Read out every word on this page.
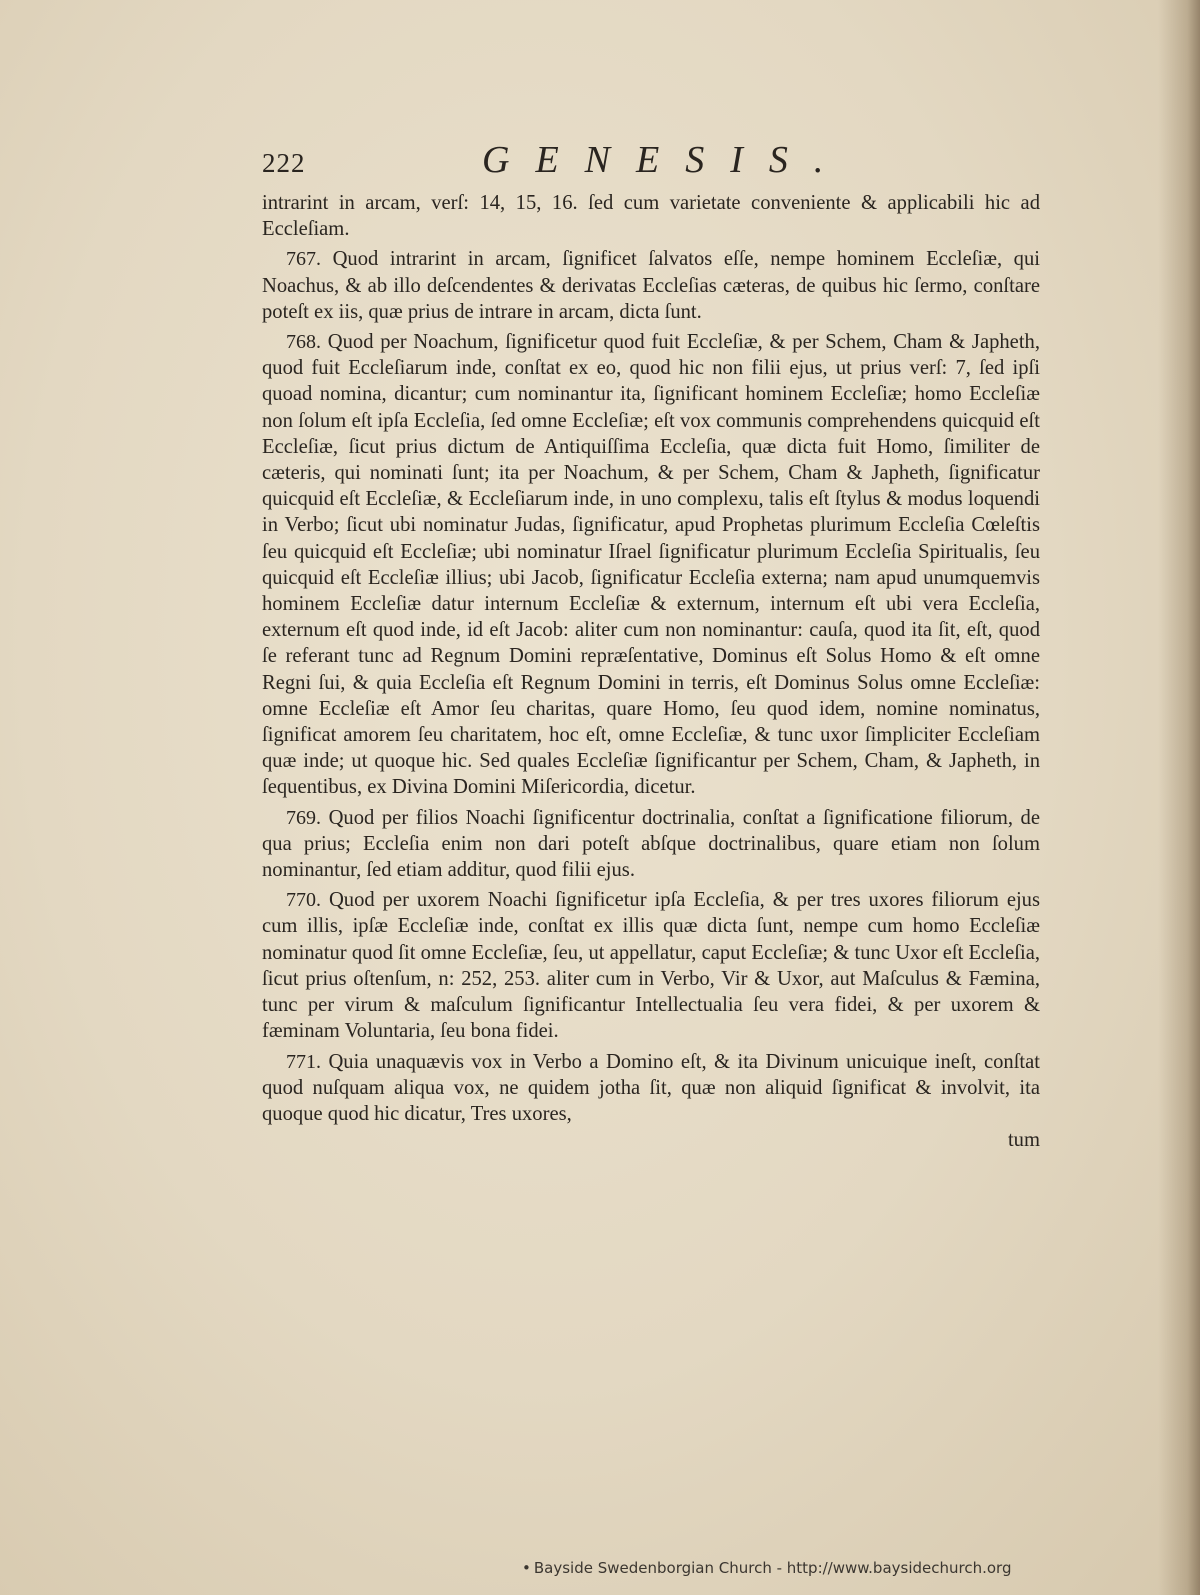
222	GENESIS.

intrarint in arcam, verſ: 14, 15, 16. ſed cum varietate conveniente & applicabili hic ad Eccleſiam.

767. Quod intrarint in arcam, ſignificet ſalvatos eſſe, nempe hominem Eccleſiæ, qui Noachus, & ab illo deſcendentes & derivatas Eccleſias cæteras, de quibus hic ſermo, conſtare poteſt ex iis, quæ prius de intrare in arcam, dicta ſunt.

768. Quod per Noachum, ſignificetur quod fuit Eccleſiæ, & per Schem, Cham & Japheth, quod fuit Eccleſiarum inde, conſtat ex eo, quod hic non filii ejus, ut prius verſ: 7, ſed ipſi quoad nomina, dicantur; cum nominantur ita, ſignificant hominem Eccleſiæ; homo Eccleſiæ non ſolum eſt ipſa Eccleſia, ſed omne Eccleſiæ; eſt vox communis comprehendens quicquid eſt Eccleſiæ, ſicut prius dictum de Antiquiſſima Eccleſia, quæ dicta fuit Homo, ſimiliter de cæteris, qui nominati ſunt; ita per Noachum, & per Schem, Cham & Japheth, ſignificatur quicquid eſt Eccleſiæ, & Eccleſiarum inde, in uno complexu, talis eſt ſtylus & modus loquendi in Verbo; ſicut ubi nominatur Judas, ſignificatur, apud Prophetas plurimum Eccleſia Cœleſtis ſeu quicquid eſt Eccleſiæ; ubi nominatur Iſrael ſignificatur plurimum Eccleſia Spiritualis, ſeu quicquid eſt Eccleſiæ illius; ubi Jacob, ſignificatur Eccleſia externa; nam apud unumquemvis hominem Eccleſiæ datur internum Eccleſiæ & externum, internum eſt ubi vera Eccleſia, externum eſt quod inde, id eſt Jacob: aliter cum non nominantur: cauſa, quod ita ſit, eſt, quod ſe referant tunc ad Regnum Domini repræſentative, Dominus eſt Solus Homo & eſt omne Regni ſui, & quia Eccleſia eſt Regnum Domini in terris, eſt Dominus Solus omne Eccleſiæ: omne Eccleſiæ eſt Amor ſeu charitas, quare Homo, ſeu quod idem, nomine nominatus, ſignificat amorem ſeu charitatem, hoc eſt, omne Eccleſiæ, & tunc uxor ſimpliciter Eccleſiam quæ inde; ut quoque hic. Sed quales Eccleſiæ ſignificantur per Schem, Cham, & Japheth, in ſequentibus, ex Divina Domini Miſericordia, dicetur.

769. Quod per filios Noachi ſignificentur doctrinalia, conſtat a ſignificatione filiorum, de qua prius; Eccleſia enim non dari poteſt abſque doctrinalibus, quare etiam non ſolum nominantur, ſed etiam additur, quod filii ejus.

770. Quod per uxorem Noachi ſignificetur ipſa Eccleſia, & per tres uxores filiorum ejus cum illis, ipſæ Eccleſiæ inde, conſtat ex illis quæ dicta ſunt, nempe cum homo Eccleſiæ nominatur quod ſit omne Eccleſiæ, ſeu, ut appellatur, caput Eccleſiæ; & tunc Uxor eſt Eccleſia, ſicut prius oſtenſum, n: 252, 253. aliter cum in Verbo, Vir & Uxor, aut Maſculus & Fæmina, tunc per virum & maſculum ſignificantur Intellectualia ſeu vera fidei, & per uxorem & fæminam Voluntaria, ſeu bona fidei.

771. Quia unaquævis vox in Verbo a Domino eſt, & ita Divinum unicuique ineſt, conſtat quod nuſquam aliqua vox, ne quidem jotha ſit, quæ non aliquid ſignificat & involvit, ita quoque quod hic dicatur, Tres uxores,

tum
• Bayside Swedenborgian Church - http://www.baysidechurch.org
